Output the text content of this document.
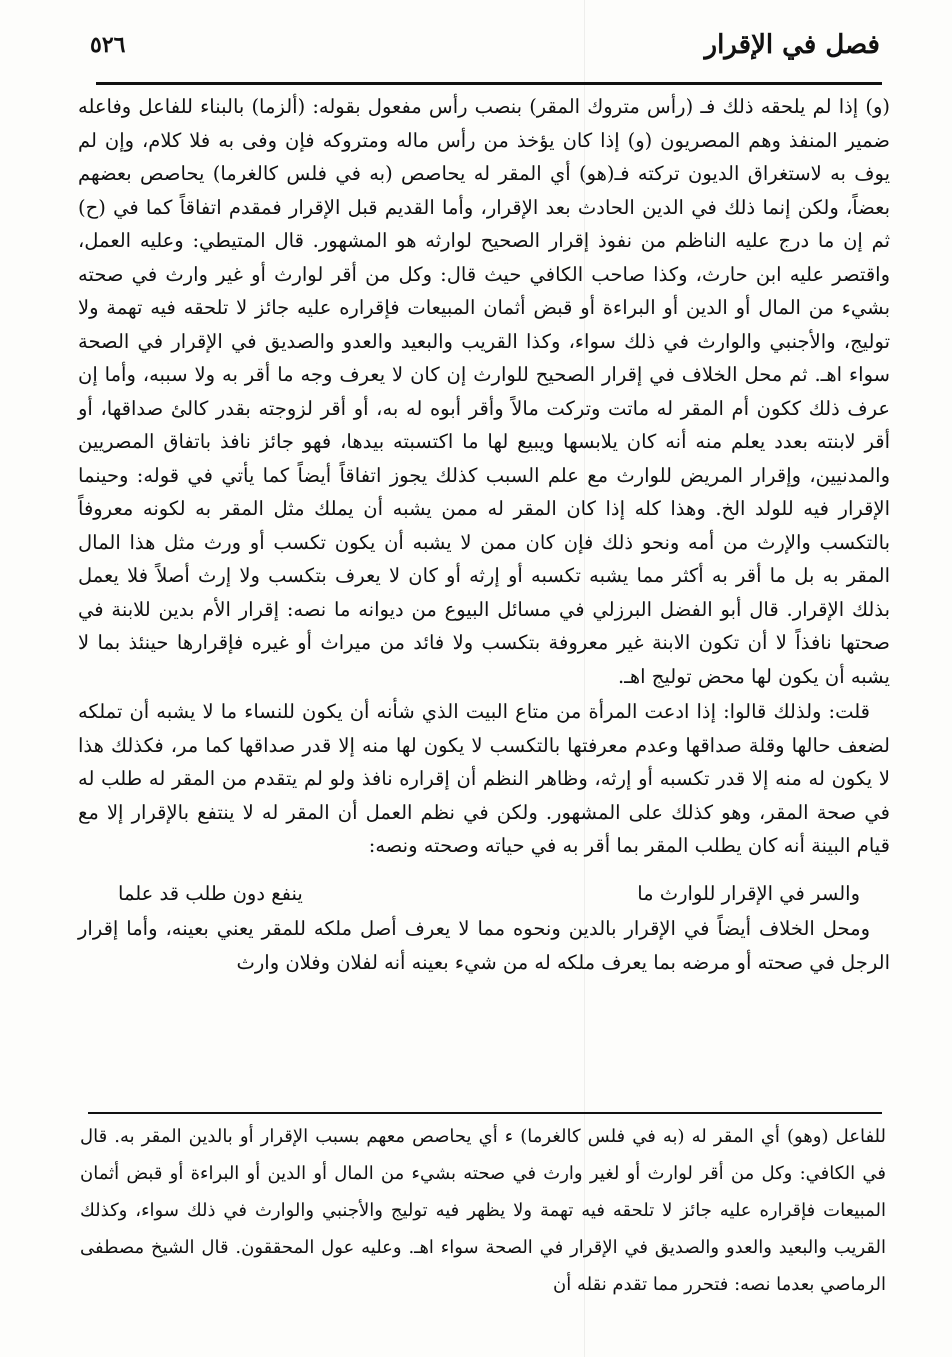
فصل في الإقرار
٥٢٦

(و) إذا لم يلحقه ذلك فـ (رأس متروك المقر) بنصب رأس مفعول بقوله: (ألزما) بالبناء للفاعل وفاعله ضمير المنفذ وهم المصريون (و) إذا كان يؤخذ من رأس ماله ومتروكه فإن وفى به فلا كلام، وإن لم يوف به لاستغراق الديون تركته فـ(هو) أي المقر له يحاصص (به في فلس كالغرما) يحاصص بعضهم بعضاً، ولكن إنما ذلك في الدين الحادث بعد الإقرار، وأما القديم قبل الإقرار فمقدم اتفاقاً كما في (ح) ثم إن ما درج عليه الناظم من نفوذ إقرار الصحيح لوارثه هو المشهور. قال المتيطي: وعليه العمل، واقتصر عليه ابن حارث، وكذا صاحب الكافي حيث قال: وكل من أقر لوارث أو غير وارث في صحته بشيء من المال أو الدين أو البراءة أو قبض أثمان المبيعات فإقراره عليه جائز لا تلحقه فيه تهمة ولا توليج، والأجنبي والوارث في ذلك سواء، وكذا القريب والبعيد والعدو والصديق في الإقرار في الصحة سواء اهـ. ثم محل الخلاف في إقرار الصحيح للوارث إن كان لا يعرف وجه ما أقر به ولا سببه، وأما إن عرف ذلك ككون أم المقر له ماتت وتركت مالاً وأقر أبوه له به، أو أقر لزوجته بقدر كالئ صداقها، أو أقر لابنته بعدد يعلم منه أنه كان يلابسها ويبيع لها ما اكتسبته بيدها، فهو جائز نافذ باتفاق المصريين والمدنيين، وإقرار المريض للوارث مع علم السبب كذلك يجوز اتفاقاً أيضاً كما يأتي في قوله: وحينما الإقرار فيه للولد الخ. وهذا كله إذا كان المقر له ممن يشبه أن يملك مثل المقر به لكونه معروفاً بالتكسب والإرث من أمه ونحو ذلك فإن كان ممن لا يشبه أن يكون تكسب أو ورث مثل هذا المال المقر به بل ما أقر به أكثر مما يشبه تكسبه أو إرثه أو كان لا يعرف بتكسب ولا إرث أصلاً فلا يعمل بذلك الإقرار. قال أبو الفضل البرزلي في مسائل البيوع من ديوانه ما نصه: إقرار الأم بدين للابنة في صحتها نافذاً لا أن تكون الابنة غير معروفة بتكسب ولا فائد من ميراث أو غيره فإقرارها حينئذ بما لا يشبه أن يكون لها محض توليج اهـ.

قلت: ولذلك قالوا: إذا ادعت المرأة من متاع البيت الذي شأنه أن يكون للنساء ما لا يشبه أن تملكه لضعف حالها وقلة صداقها وعدم معرفتها بالتكسب لا يكون لها منه إلا قدر صداقها كما مر، فكذلك هذا لا يكون له منه إلا قدر تكسبه أو إرثه، وظاهر النظم أن إقراره نافذ ولو لم يتقدم من المقر له طلب له في صحة المقر، وهو كذلك على المشهور. ولكن في نظم العمل أن المقر له لا ينتفع بالإقرار إلا مع قيام البينة أنه كان يطلب المقر بما أقر به في حياته وصحته ونصه:

والسر في الإقرار للوارث ما
ينفع دون طلب قد علما

ومحل الخلاف أيضاً في الإقرار بالدين ونحوه مما لا يعرف أصل ملكه للمقر يعني بعينه، وأما إقرار الرجل في صحته أو مرضه بما يعرف ملكه له من شيء بعينه أنه لفلان وفلان وارث

للفاعل (وهو) أي المقر له (به في فلس كالغرما) ء أي يحاصص معهم بسبب الإقرار أو بالدين المقر به. قال في الكافي: وكل من أقر لوارث أو لغير وارث في صحته بشيء من المال أو الدين أو البراءة أو قبض أثمان المبيعات فإقراره عليه جائز لا تلحقه فيه تهمة ولا يظهر فيه توليج والأجنبي والوارث في ذلك سواء، وكذلك القريب والبعيد والعدو والصديق في الإقرار في الصحة سواء اهـ. وعليه عول المحققون. قال الشيخ مصطفى الرماصي بعدما نصه: فتحرر مما تقدم نقله أن
